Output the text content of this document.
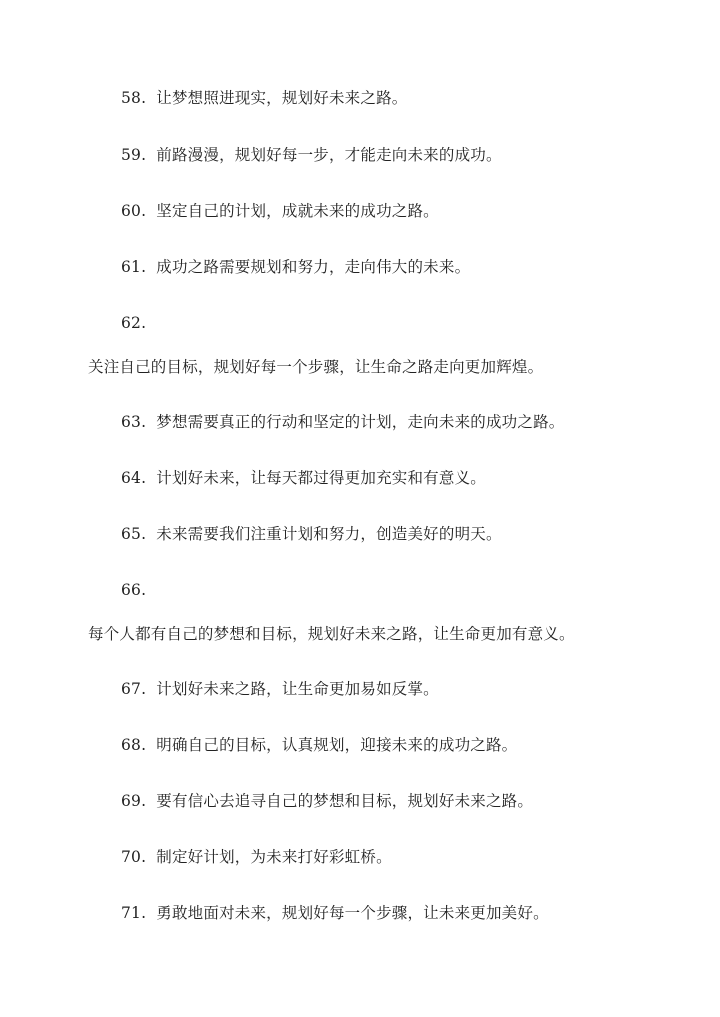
58. 让梦想照进现实，规划好未来之路。
59. 前路漫漫，规划好每一步，才能走向未来的成功。
60. 坚定自己的计划，成就未来的成功之路。
61. 成功之路需要规划和努力，走向伟大的未来。
62.
关注自己的目标，规划好每一个步骤，让生命之路走向更加辉煌。
63. 梦想需要真正的行动和坚定的计划，走向未来的成功之路。
64. 计划好未来，让每天都过得更加充实和有意义。
65. 未来需要我们注重计划和努力，创造美好的明天。
66.
每个人都有自己的梦想和目标，规划好未来之路，让生命更加有意义。
67. 计划好未来之路，让生命更加易如反掌。
68. 明确自己的目标，认真规划，迎接未来的成功之路。
69. 要有信心去追寻自己的梦想和目标，规划好未来之路。
70. 制定好计划，为未来打好彩虹桥。
71. 勇敢地面对未来，规划好每一个步骤，让未来更加美好。
